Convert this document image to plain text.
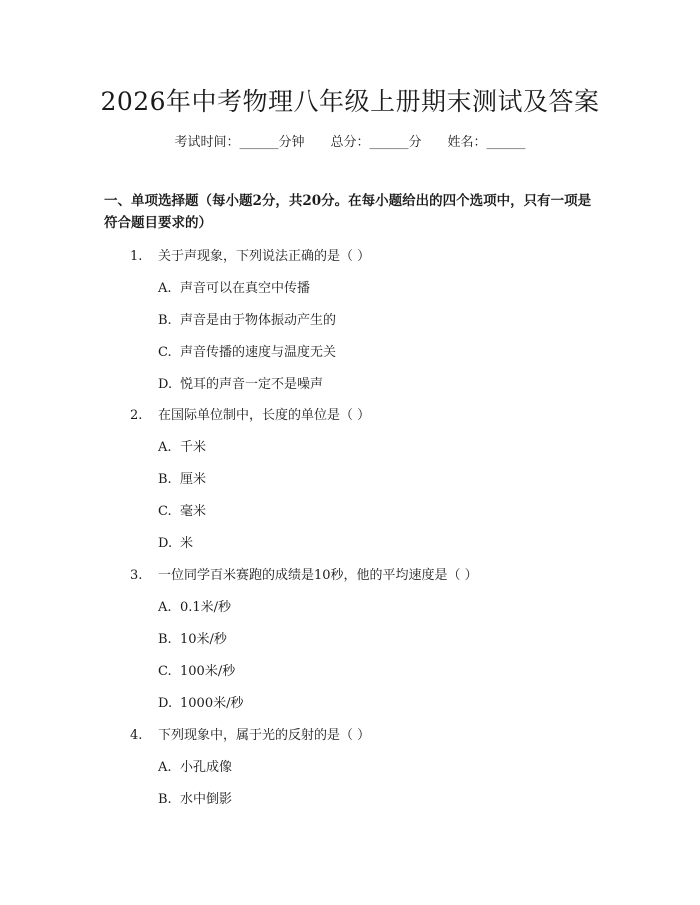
2026年中考物理八年级上册期末测试及答案
考试时间：______分钟 总分：______分 姓名：______
一、单项选择题（每小题2分，共20分。在每小题给出的四个选项中，只有一项是符合题目要求的）
1. 关于声现象，下列说法正确的是（ ）
A. 声音可以在真空中传播
B. 声音是由于物体振动产生的
C. 声音传播的速度与温度无关
D. 悦耳的声音一定不是噪声
2. 在国际单位制中，长度的单位是（ ）
A. 千米
B. 厘米
C. 毫米
D. 米
3. 一位同学百米赛跑的成绩是10秒，他的平均速度是（ ）
A. 0.1米/秒
B. 10米/秒
C. 100米/秒
D. 1000米/秒
4. 下列现象中，属于光的反射的是（ ）
A. 小孔成像
B. 水中倒影
